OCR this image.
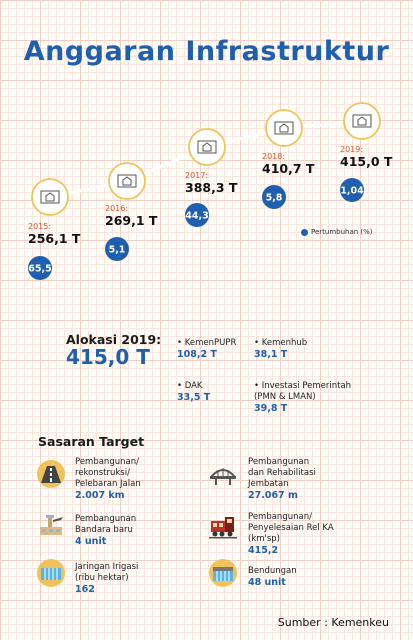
Anggaran Infrastruktur
2015:
256,1 T
65,5
2016:
269,1 T
5,1
2017:
388,3 T
44,3
2018:
410,7 T
5,8
2019:
415,0 T
1,04
Pertumbuhan (%)
Alokasi 2019:
415,0 T
• KemenPUPR
108,2 T
• Kemenhub
38,1 T
• DAK
33,5 T
• Investasi Pemerintah
(PMN & LMAN)
39,8 T
Sasaran Target
Pembangunan/
rekonstruksi/
Pelebaran Jalan
2.007 km
Pembangunan
dan Rehabilitasi
Jembatan
27.067 m
Pembangunan
Bandara baru
4 unit
Pembangunan/
Penyelesaian Rel KA
(km'sp)
415,2
Jaringan Irigasi
(ribu hektar)
162
Bendungan
48 unit
Sumber : Kemenkeu
